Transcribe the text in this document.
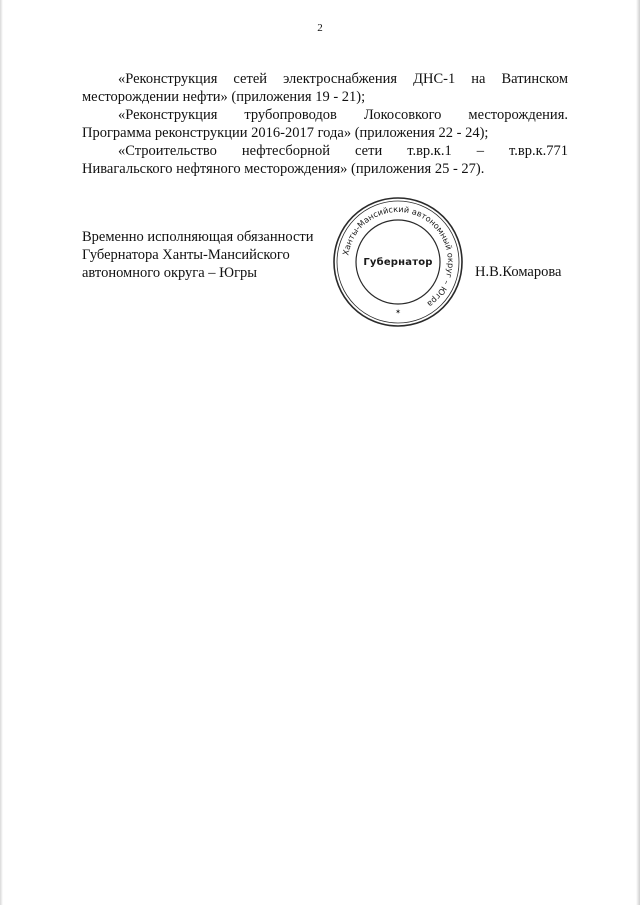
2

«Реконструкция сетей электроснабжения ДНС-1 на Ватинском
месторождении нефти» (приложения 19 - 21);

«Реконструкция трубопроводов Локосовкого месторождения.
Программа реконструкции 2016-2017 года» (приложения 22 - 24);

«Строительство нефтесборной сети т.вр.к.1 – т.вр.к.771
Нивагальского нефтяного месторождения» (приложения 25 - 27).

Временно исполняющая обязанности
Губернатора Ханты-Мансийского
автономного округа – Югры
Ханты-Мансийский автономный округ – Югра
✶
Губернатор
Н.В.Комарова
